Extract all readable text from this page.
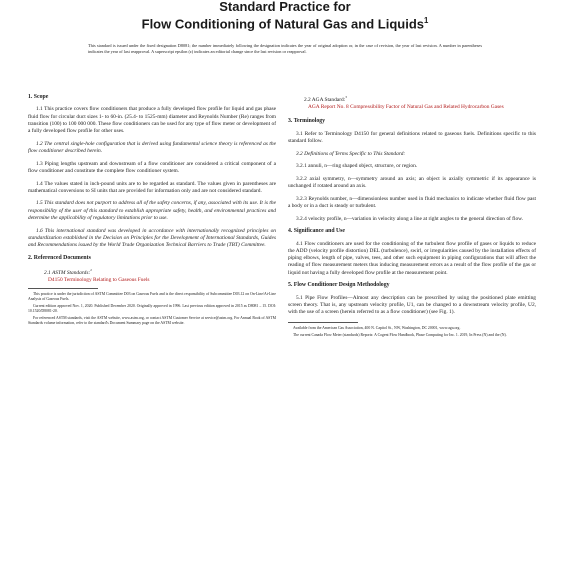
Standard Practice for
Flow Conditioning of Natural Gas and Liquids$^1$
This standard is issued under the fixed designation D8081; the number immediately following the designation indicates the year of original adoption or, in the case of revision, the year of last revision. A number in parentheses indicates the year of last reapproval. A superscript epsilon (ε) indicates an editorial change since the last revision or reapproval.
1. Scope

1.1 This practice covers flow conditioners that produce a fully developed flow profile for liquid and gas phase fluid flow for circular duct sizes 1- to 60-in. (25.4- to 1525-mm) diameter and Reynolds Number (Re) ranges from transition (100) to 100 000 000. These flow conditioners can be used for any type of flow meter or development of a fully developed flow profile for other uses.

1.2 The central single-hole configuration that is derived using fundamental science theory is referenced as the flow conditioner described herein.

1.3 Piping lengths upstream and downstream of a flow conditioner are considered a critical component of a flow conditioner and constitute the complete flow conditioner system.

1.4 The values stated in inch-pound units are to be regarded as standard. The values given in parentheses are mathematical conversions to SI units that are provided for information only and are not considered standard.

1.5 This standard does not purport to address all of the safety concerns, if any, associated with its use. It is the responsibility of the user of this standard to establish appropriate safety, health, and environmental practices and determine the applicability of regulatory limitations prior to use.

1.6 This international standard was developed in accordance with internationally recognized principles on standardization established in the Decision on Principles for the Development of International Standards, Guides and Recommendations issued by the World Trade Organization Technical Barriers to Trade (TBT) Committee.

2. Referenced Documents

2.1 ASTM Standards:$^2$

D4150 Terminology Relating to Gaseous Fuels

This practice is under the jurisdiction of ASTM Committee D03 on Gaseous Fuels and is the direct responsibility of Subcommittee D03.12 on On-Line/At-Line Analysis of Gaseous Fuels.

Current edition approved Nov. 1, 2020. Published December 2020. Originally approved in 1996. Last previous edition approved in 2015 as D8081 – 15. DOI: 10.1520/D8081-20.

For referenced ASTM standards, visit the ASTM website, www.astm.org, or contact ASTM Customer Service at service@astm.org. For Annual Book of ASTM Standards volume information, refer to the standard's Document Summary page on the ASTM website.

2.2 AGA Standard:$^3$

AGA Report No. 8 Compressibility Factor of Natural Gas and Related Hydrocarbon Gases

3. Terminology

3.1 Refer to Terminology D4150 for general definitions related to gaseous fuels. Definitions specific to this standard follow.

3.2 Definitions of Terms Specific to This Standard:

3.2.1 annuli, n—ring shaped object, structure, or region.

3.2.2 axial symmetry, n—symmetry around an axis; an object is axially symmetric if its appearance is unchanged if rotated around an axis.

3.2.3 Reynolds number, n—dimensionless number used in fluid mechanics to indicate whether fluid flow past a body or in a duct is steady or turbulent.

3.2.4 velocity profile, n—variation in velocity along a line at right angles to the general direction of flow.

4. Significance and Use

4.1 Flow conditioners are used for the conditioning of the turbulent flow profile of gases or liquids to reduce the ADD (velocity profile distortion) DEL (turbulence), swirl, or irregularities caused by the installation effects of piping elbows, length of pipe, valves, tees, and other such equipment in piping configurations that will affect the reading of flow measurement meters thus inducing measurement errors as a result of the flow profile of the gas or liquid not having a fully developed flow profile at the measurement point.

5. Flow Conditioner Design Methodology

5.1 Pipe Flow Profiles—Almost any description can be prescribed by using the positioned plate emitting screen theory. That is, any upstream velocity profile, U1, can be changed to a downstream velocity profile, U2, with the use of a screen (herein referred to as a flow conditioner) (see Fig. 1).

Available from the American Gas Association, 400 N. Capitol St., NW, Washington, DC 20001, www.aga.org.

The current Canada Flow Meter (standards) Reports: A Cogent Flow Handbook, Phase Computing for Inc. 1. 2019, In Press (N) and the (N).
